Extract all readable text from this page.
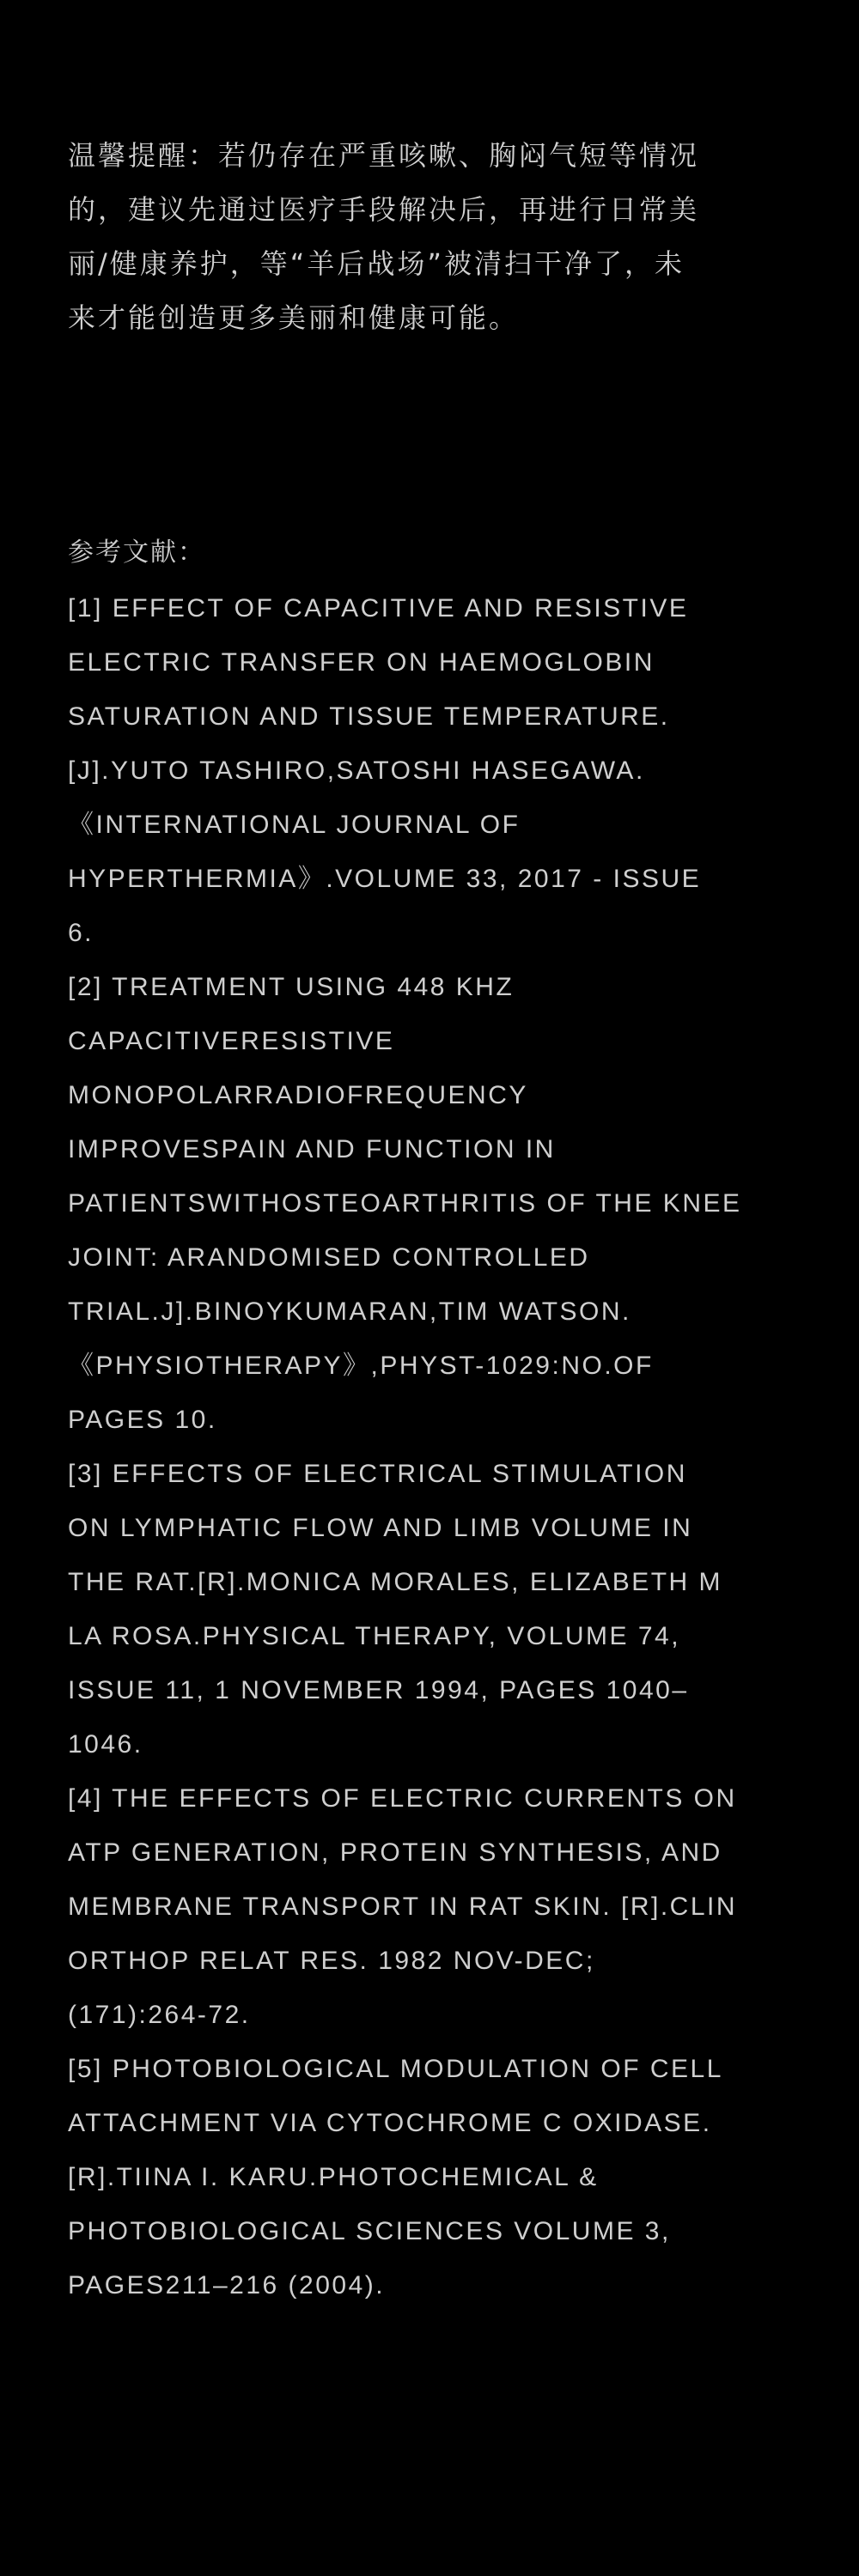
温馨提醒：若仍存在严重咳嗽、胸闷气短等情况

的，建议先通过医疗手段解决后，再进行日常美

丽/健康养护，等“羊后战场”被清扫干净了，未

来才能创造更多美丽和健康可能。

参考文献：

[1] EFFECT OF CAPACITIVE AND RESISTIVE
ELECTRIC TRANSFER ON HAEMOGLOBIN
SATURATION AND TISSUE TEMPERATURE.
[J].YUTO TASHIRO,SATOSHI HASEGAWA.
《INTERNATIONAL JOURNAL OF
HYPERTHERMIA》.VOLUME 33, 2017 - ISSUE
6.
[2] TREATMENT USING 448 KHZ
CAPACITIVERESISTIVE
MONOPOLARRADIOFREQUENCY
IMPROVESPAIN AND FUNCTION IN
PATIENTSWITHOSTEOARTHRITIS OF THE KNEE
JOINT: ARANDOMISED CONTROLLED
TRIAL.J].BINOYKUMARAN,TIM WATSON.
《PHYSIOTHERAPY》,PHYST-1029:NO.OF
PAGES 10.
[3] EFFECTS OF ELECTRICAL STIMULATION
ON LYMPHATIC FLOW AND LIMB VOLUME IN
THE RAT.[R].MONICA MORALES, ELIZABETH M
LA ROSA.PHYSICAL THERAPY, VOLUME 74,
ISSUE 11, 1 NOVEMBER 1994, PAGES 1040–
1046.
[4] THE EFFECTS OF ELECTRIC CURRENTS ON
ATP GENERATION, PROTEIN SYNTHESIS, AND
MEMBRANE TRANSPORT IN RAT SKIN. [R].CLIN
ORTHOP RELAT RES. 1982 NOV-DEC;
(171):264-72.
[5] PHOTOBIOLOGICAL MODULATION OF CELL
ATTACHMENT VIA CYTOCHROME C OXIDASE.
[R].TIINA I. KARU.PHOTOCHEMICAL &
PHOTOBIOLOGICAL SCIENCES VOLUME 3,
PAGES211–216 (2004).
